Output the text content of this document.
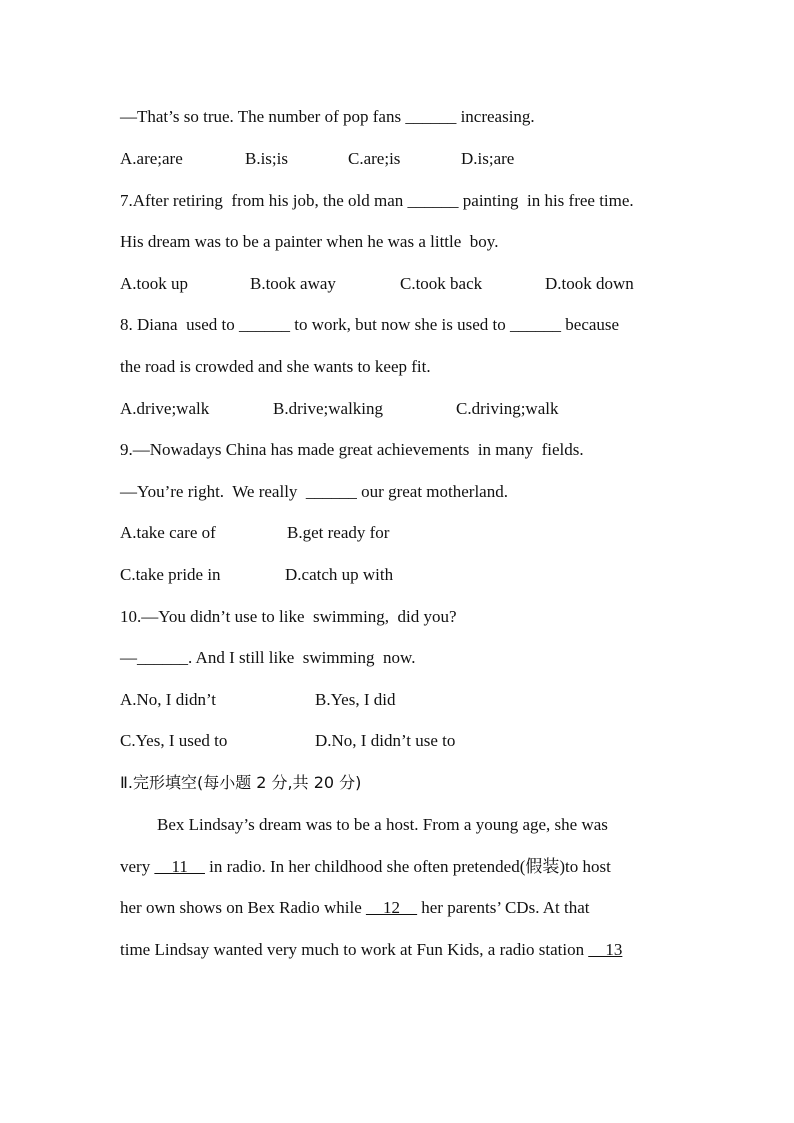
—That’s so true. The number of pop fans ______ increasing.

A.are;are

	B.is;is

	C.are;is

	D.is;are

7.After retiring  from his job, the old man ______ painting  in his free time.
His dream was to be a painter when he was a little  boy.

A.took up

	B.took away

	C.took back

	D.took down

8. Diana  used to ______ to work, but now she is used to ______ because
the road is crowded and she wants to keep fit.

A.drive;walk

	B.drive;walking

	C.driving;walk

9.—Nowadays China has made great achievements  in many  fields.
—You’re right.  We really  ______ our great motherland.

A.take care of

	B.get ready for

C.take pride in

	D.catch up with

10.—You didn’t use to like  swimming,  did you?
—______. And I still like  swimming  now.

A.No, I didn’t

	B.Yes, I did

C.Yes, I used to

	D.No, I didn’t use to

Ⅱ.完形填空(每小题 2 分,共 20 分)
Bex Lindsay’s dream was to be a host. From a young age, she was
very __11__ in radio. In her childhood she often pretended(假装)to host
her own shows on Bex Radio while __12__ her parents’ CDs. At that
time Lindsay wanted very much to work at Fun Kids, a radio station __13
